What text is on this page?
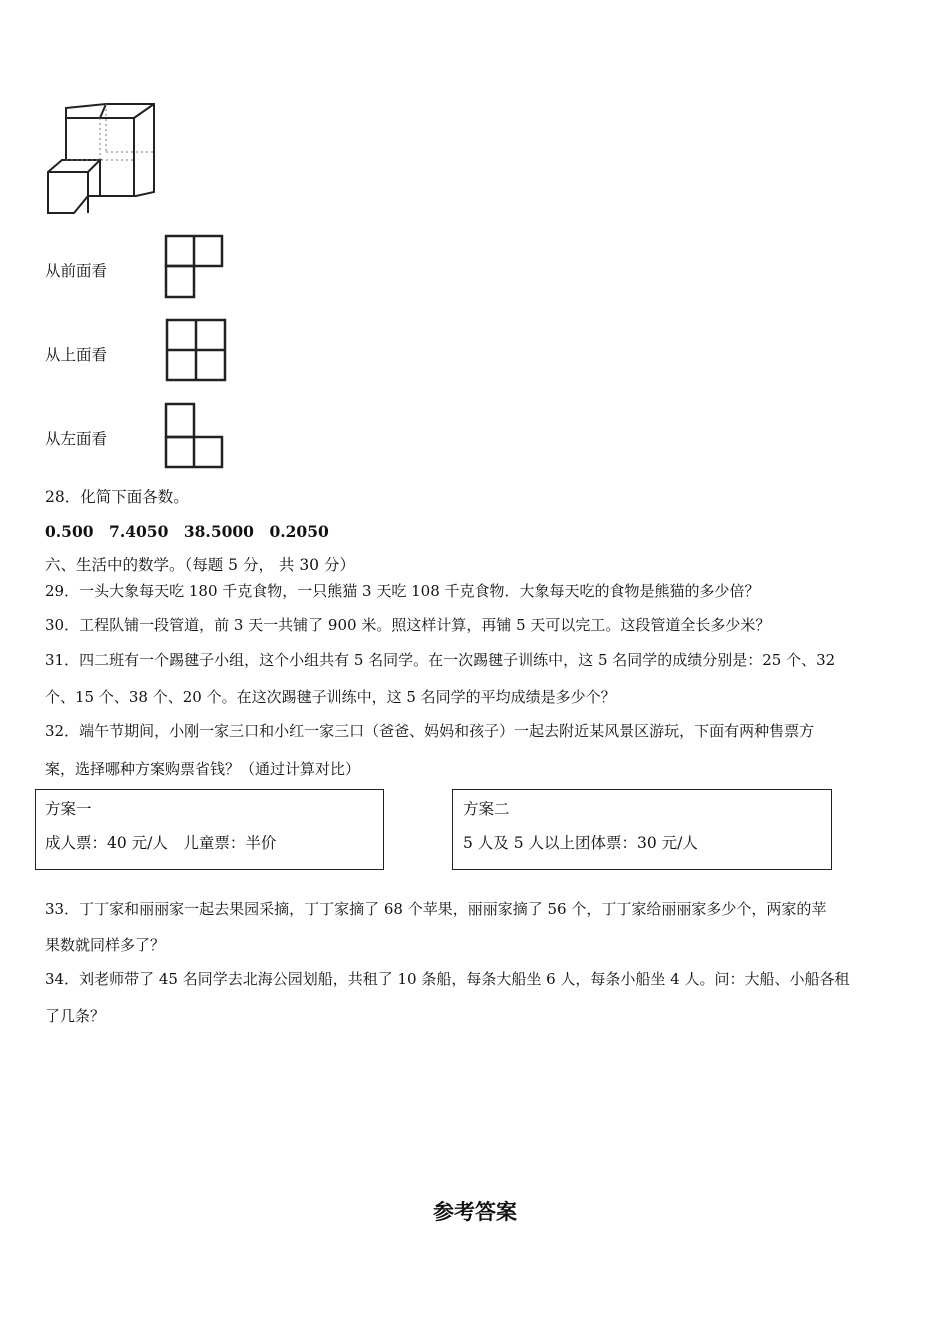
从前面看
从上面看
从左面看
28．化简下面各数。
0.500　7.4050　38.5000　0.2050
六、生活中的数学。（每题 5 分， 共 30 分）
29．一头大象每天吃 180 千克食物，一只熊猫 3 天吃 108 千克食物．大象每天吃的食物是熊猫的多少倍？
30．工程队铺一段管道，前 3 天一共铺了 900 米。照这样计算，再铺 5 天可以完工。这段管道全长多少米？
31．四二班有一个踢毽子小组，这个小组共有 5 名同学。在一次踢毽子训练中，这 5 名同学的成绩分别是：25 个、32
个、15 个、38 个、20 个。在这次踢毽子训练中，这 5 名同学的平均成绩是多少个？
32．端午节期间，小刚一家三口和小红一家三口（爸爸、妈妈和孩子）一起去附近某风景区游玩，下面有两种售票方
案，选择哪种方案购票省钱？（通过计算对比）
方案一
成人票：40 元/人　儿童票：半价
方案二
5 人及 5 人以上团体票：30 元/人
33．丁丁家和丽丽家一起去果园采摘，丁丁家摘了 68 个苹果，丽丽家摘了 56 个，丁丁家给丽丽家多少个，两家的苹
果数就同样多了？
34．刘老师带了 45 名同学去北海公园划船，共租了 10 条船，每条大船坐 6 人，每条小船坐 4 人。问：大船、小船各租
了几条？
参考答案
